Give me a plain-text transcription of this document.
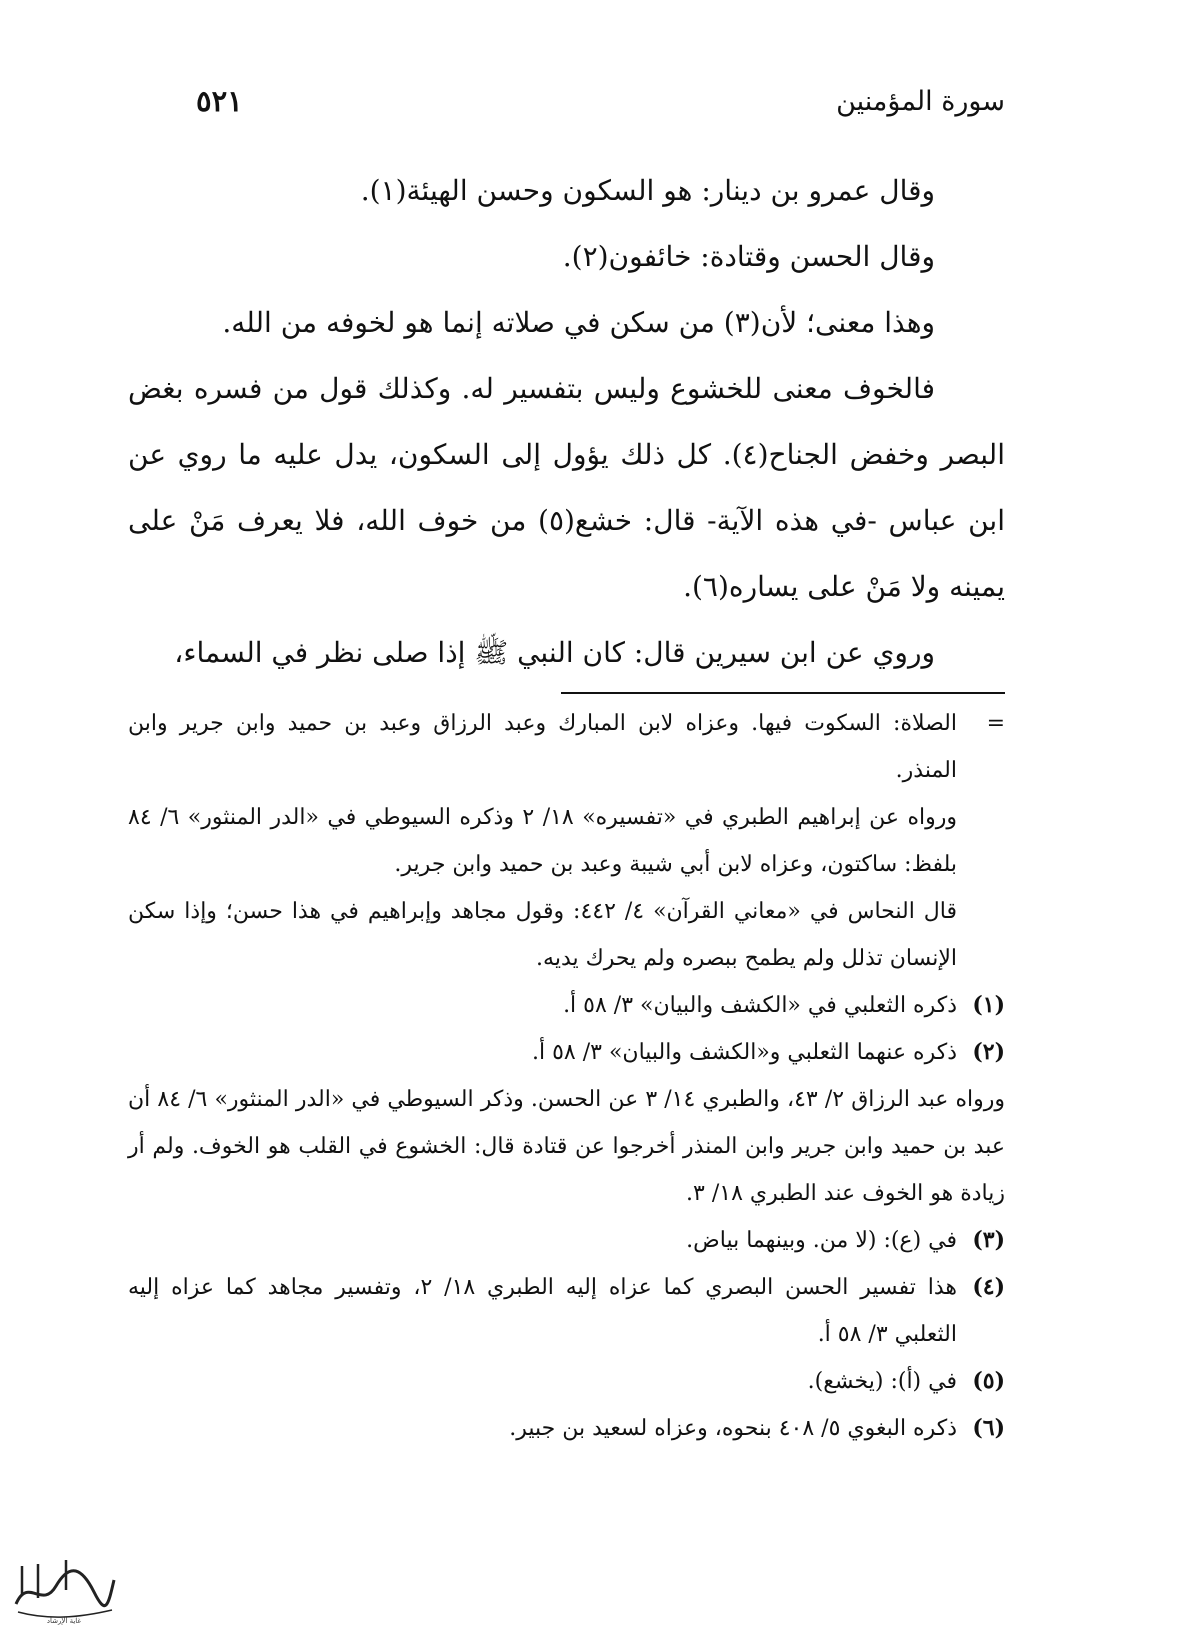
سورة المؤمنين
٥٢١

وقال عمرو بن دينار: هو السكون وحسن الهيئة(١).

وقال الحسن وقتادة: خائفون(٢).

وهذا معنى؛ لأن(٣) من سكن في صلاته إنما هو لخوفه من الله.

فالخوف معنى للخشوع وليس بتفسير له. وكذلك قول من فسره بغض البصر وخفض الجناح(٤). كل ذلك يؤول إلى السكون، يدل عليه ما روي عن ابن عباس -في هذه الآية- قال: خشع(٥) من خوف الله، فلا يعرف مَنْ على يمينه ولا مَنْ على يساره(٦).

وروي عن ابن سيرين قال: كان النبي ﷺ إذا صلى نظر في السماء،

=
الصلاة: السكوت فيها. وعزاه لابن المبارك وعبد الرزاق وعبد بن حميد وابن جرير وابن المنذر.
ورواه عن إبراهيم الطبري في «تفسيره» ١٨/ ٢ وذكره السيوطي في «الدر المنثور» ٦/ ٨٤ بلفظ: ساكتون، وعزاه لابن أبي شيبة وعبد بن حميد وابن جرير.
قال النحاس في «معاني القرآن» ٤/ ٤٤٢: وقول مجاهد وإبراهيم في هذا حسن؛ وإذا سكن الإنسان تذلل ولم يطمح ببصره ولم يحرك يديه.
(١)
ذكره الثعلبي في «الكشف والبيان» ٣/ ٥٨ أ.
(٢)
ذكره عنهما الثعلبي و«الكشف والبيان» ٣/ ٥٨ أ.
ورواه عبد الرزاق ٢/ ٤٣، والطبري ١٤/ ٣ عن الحسن. وذكر السيوطي في «الدر المنثور» ٦/ ٨٤ أن عبد بن حميد وابن جرير وابن المنذر أخرجوا عن قتادة قال: الخشوع في القلب هو الخوف. ولم أر زيادة هو الخوف عند الطبري ١٨/ ٣.
(٣)
في (ع): (لا من. وبينهما بياض.
(٤)
هذا تفسير الحسن البصري كما عزاه إليه الطبري ١٨/ ٢، وتفسير مجاهد كما عزاه إليه الثعلبي ٣/ ٥٨ أ.
(٥)
في (أ): (يخشع).
(٦)
ذكره البغوي ٥/ ٤٠٨ بنحوه، وعزاه لسعيد بن جبير.
غاية الإرشاد
